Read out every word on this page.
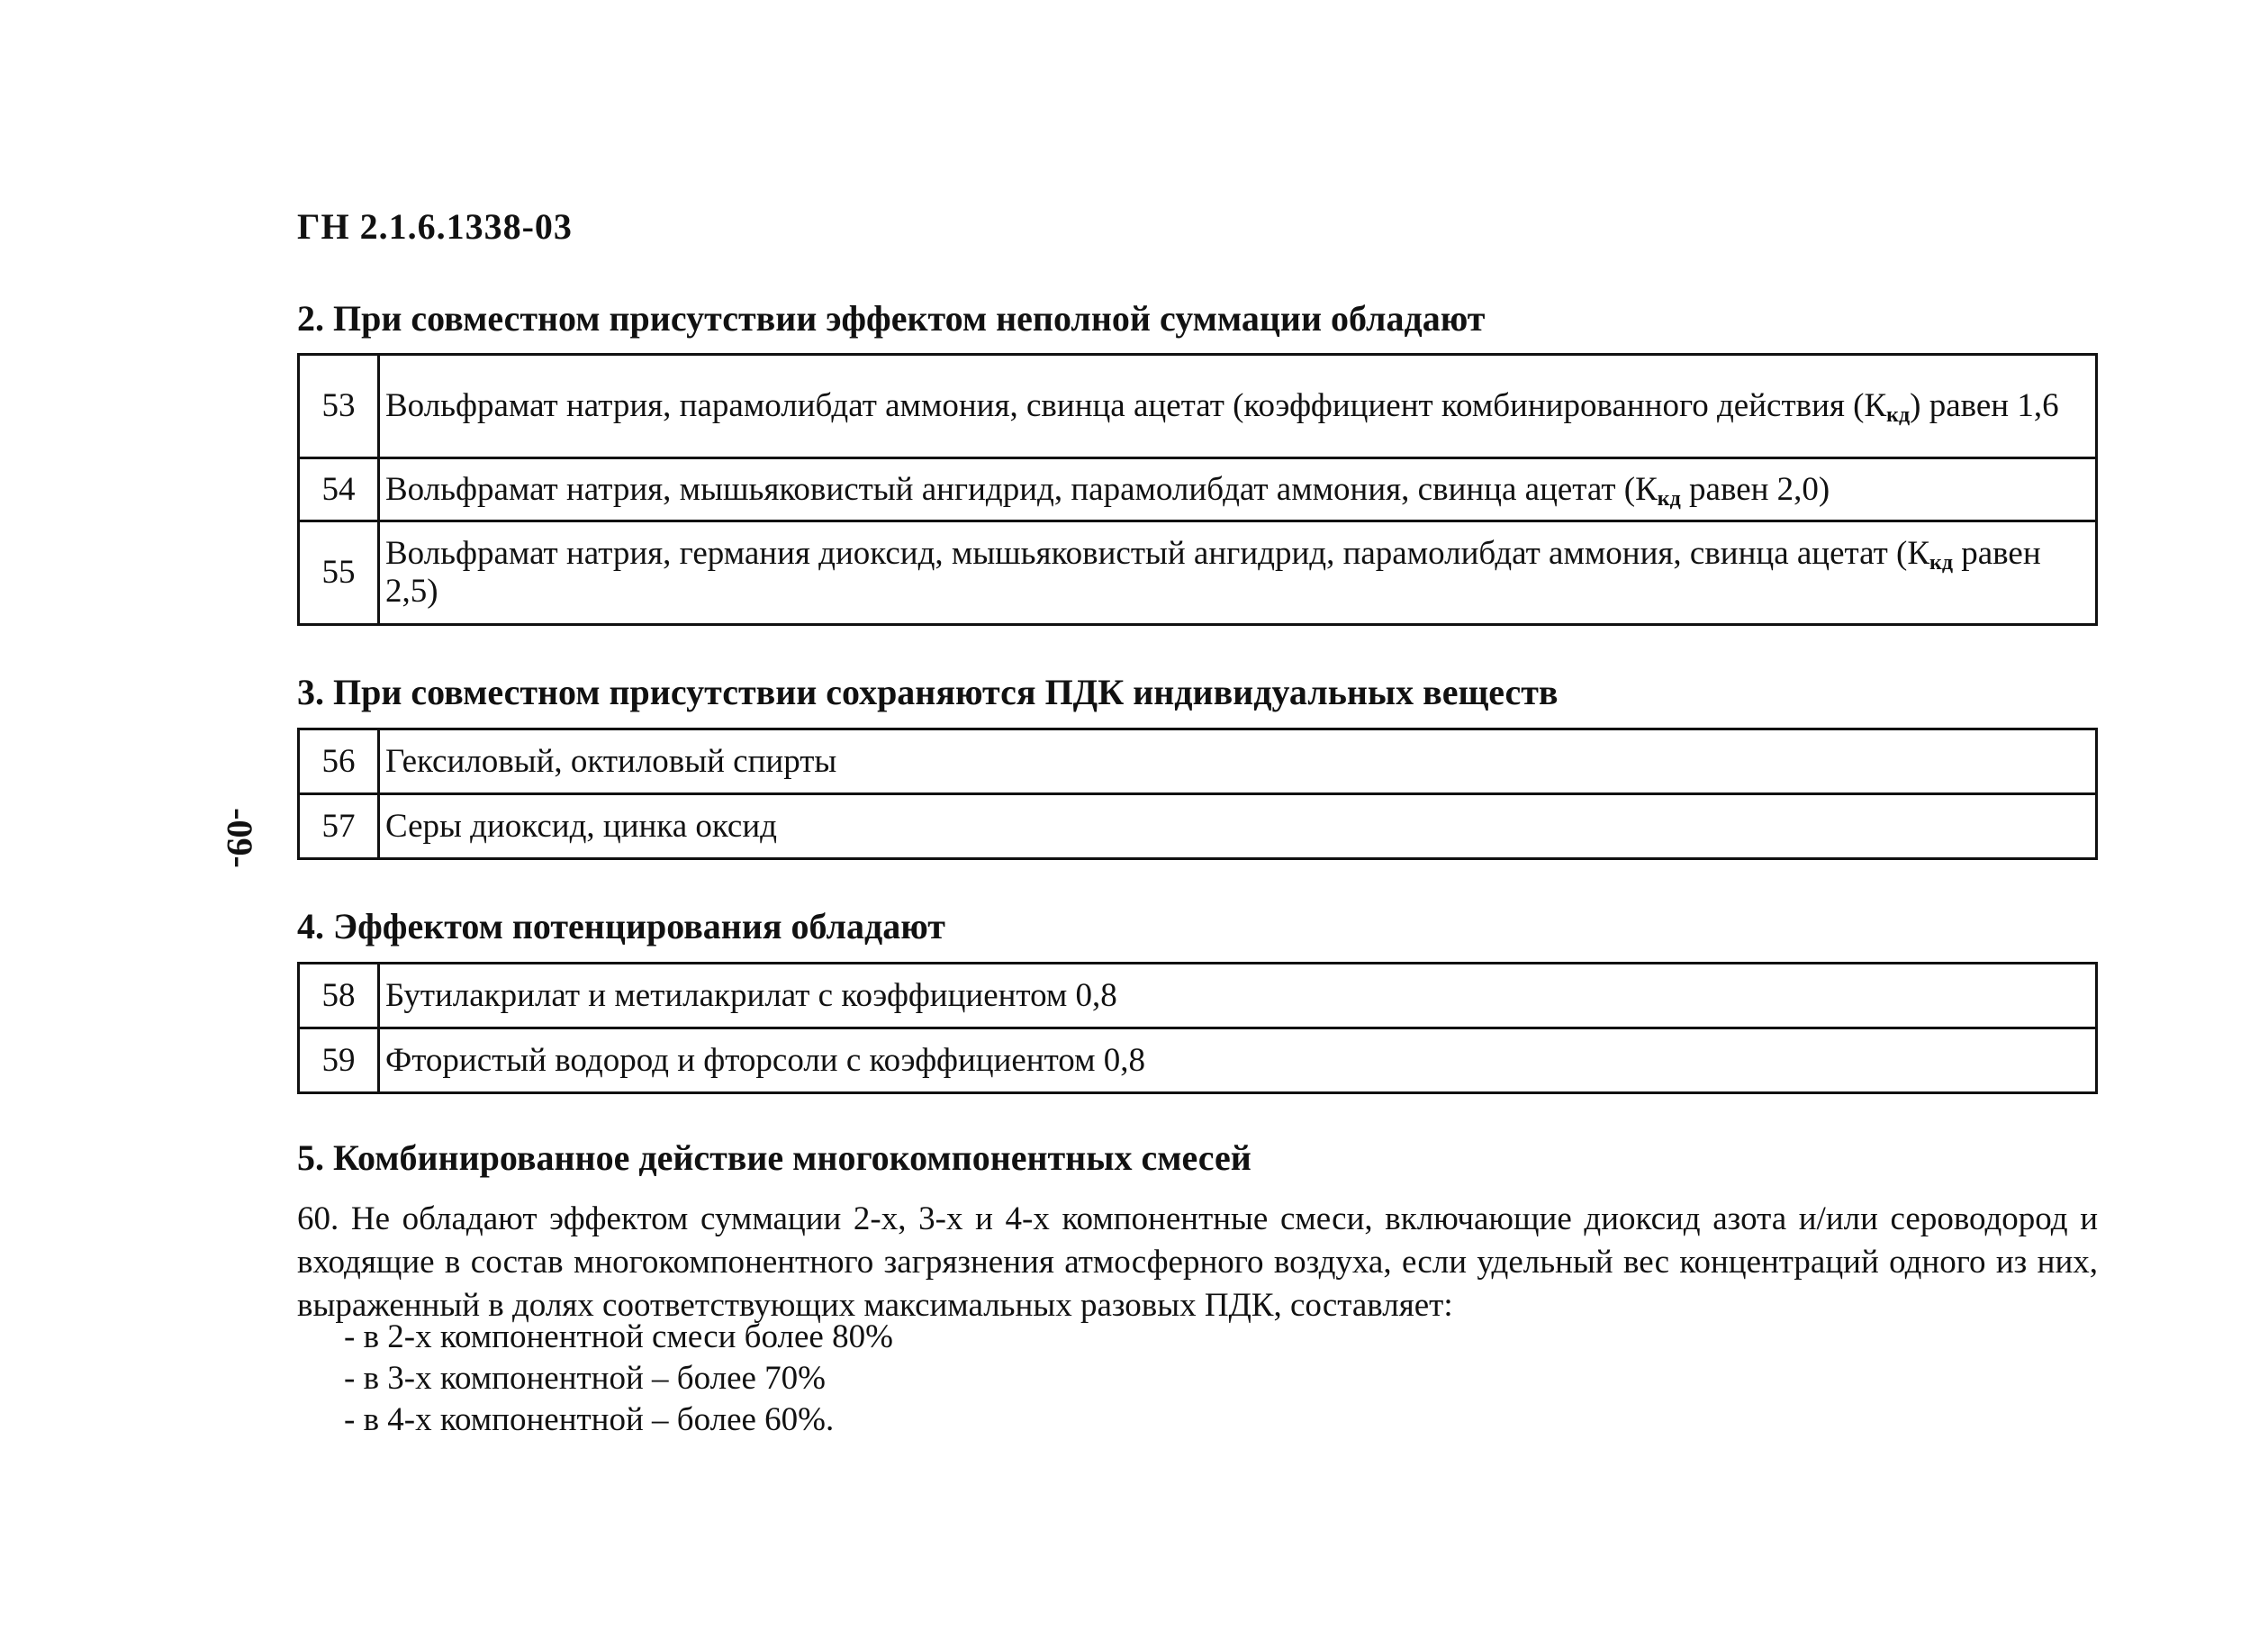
ГН 2.1.6.1338-03
-09-
2. При совместном присутствии эффектом неполной суммации обладают
53	Вольфрамат натрия, парамолибдат аммония, свинца ацетат (коэффициент комбинированного действия $(К_{кд})$ равен 1,6
54	Вольфрамат натрия, мышьяковистый ангидрид, парамолибдат аммония, свинца ацетат ($К_{кд}$ равен 2,0)
55	Вольфрамат натрия, германия диоксид, мышьяковистый ангидрид, парамолибдат аммония, свинца ацетат ($К_{кд}$ равен 2,5)
3. При совместном присутствии сохраняются ПДК индивидуальных веществ
56	Гексиловый, октиловый спирты
57	Серы диоксид, цинка оксид
4. Эффектом потенцирования обладают
58	Бутилакрилат и метилакрилат с коэффициентом 0,8
59	Фтористый водород и фторсоли с коэффициентом 0,8
5. Комбинированное действие многокомпонентных смесей
60. Не обладают эффектом суммации 2-х, 3-х и 4-х компонентные смеси, включающие диоксид азота и/или сероводород и входящие в состав многокомпонентного загрязнения атмосферного воздуха, если удельный вес концентраций одного из них, выраженный в долях соответствующих максимальных разовых ПДК, составляет:
- в 2-х компонентной смеси более 80%
- в 3-х компонентной – более 70%
- в 4-х компонентной – более 60%.
